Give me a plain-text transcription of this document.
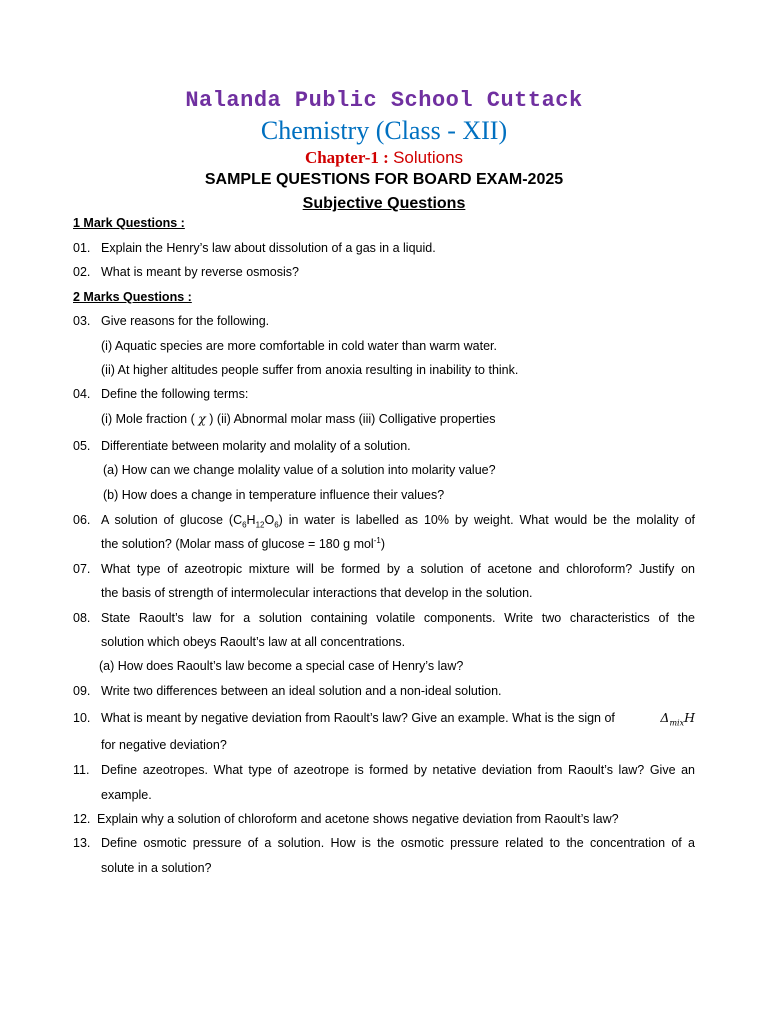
Nalanda Public School Cuttack
Chemistry (Class - XII)
Chapter-1 : Solutions
SAMPLE QUESTIONS FOR BOARD EXAM-2025
Subjective Questions
1 Mark Questions :
01. Explain the Henry’s law about dissolution of a gas in a liquid.
02. What is meant by reverse osmosis?
2 Marks Questions :
03. Give reasons for the following.
(i) Aquatic species are more comfortable in cold water than warm water.
(ii) At higher altitudes people suffer from anoxia resulting in inability to think.
04. Define the following terms:
(i) Mole fraction ( χ ) (ii) Abnormal molar mass (iii) Colligative properties
05. Differentiate between molarity and molality of a solution.
(a) How can we change molality value of a solution into molarity value?
(b) How does a change in temperature influence their values?
06. A solution of glucose $(C_6H_{12}O_6)$ in water is labelled as 10% by weight. What would be the molality of
the solution? (Molar mass of glucose = 180 g mol$^{-1}$)
07. What type of azeotropic mixture will be formed by a solution of acetone and chloroform? Justify on
the basis of strength of intermolecular interactions that develop in the solution.
08. State Raoult’s law for a solution containing volatile components. Write two characteristics of the
solution which obeys Raoult’s law at all concentrations.
(a) How does Raoult’s law become a special case of Henry’s law?
09. Write two differences between an ideal solution and a non-ideal solution.
10. What is meant by negative deviation from Raoult’s law? Give an example. What is the sign of	$\Delta_{mix}H$
for negative deviation?
11. Define azeotropes. What type of azeotrope is formed by netative deviation from Raoult’s law? Give an
example.
12. Explain why a solution of chloroform and acetone shows negative deviation from Raoult’s law?
13. Define osmotic pressure of a solution. How is the osmotic pressure related to the concentration of a
solute in a solution?
